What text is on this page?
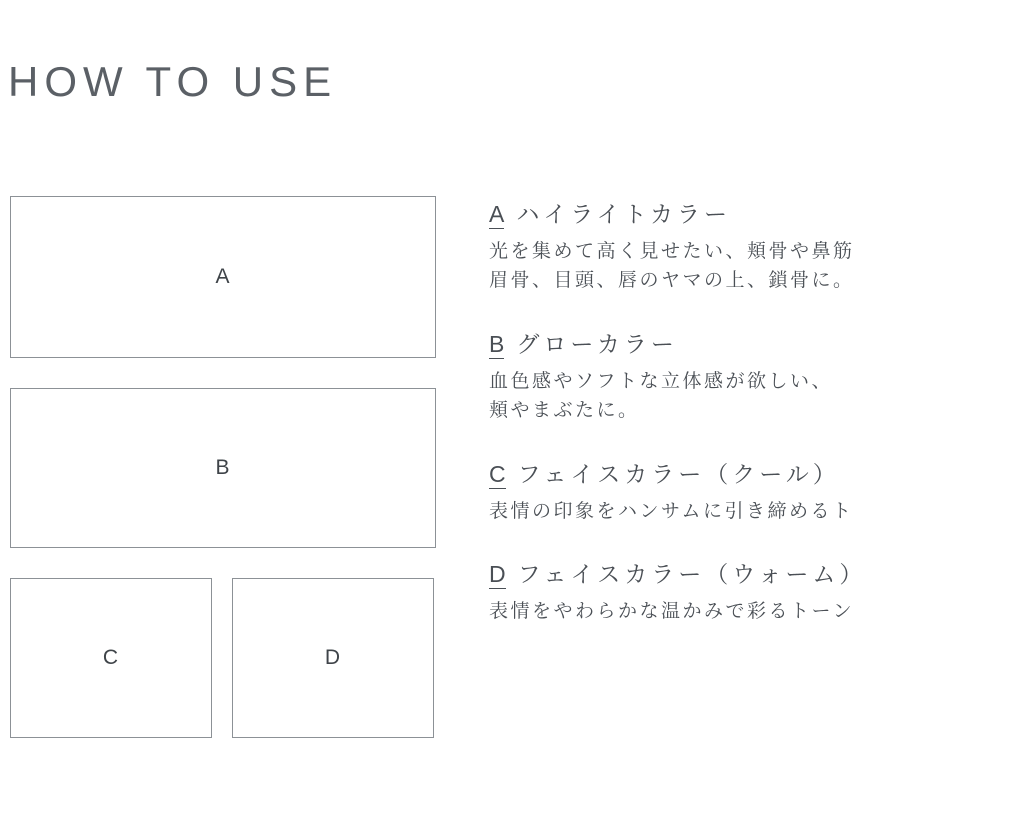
HOW TO USE
A
B
C	D
A ハイライトカラー
光を集めて高く見せたい、頬骨や鼻筋
眉骨、目頭、唇のヤマの上、鎖骨に。
B グローカラー
血色感やソフトな立体感が欲しい、
頬やまぶたに。
C フェイスカラー（クール）
表情の印象をハンサムに引き締めるト
D フェイスカラー（ウォーム）
表情をやわらかな温かみで彩るトーン
